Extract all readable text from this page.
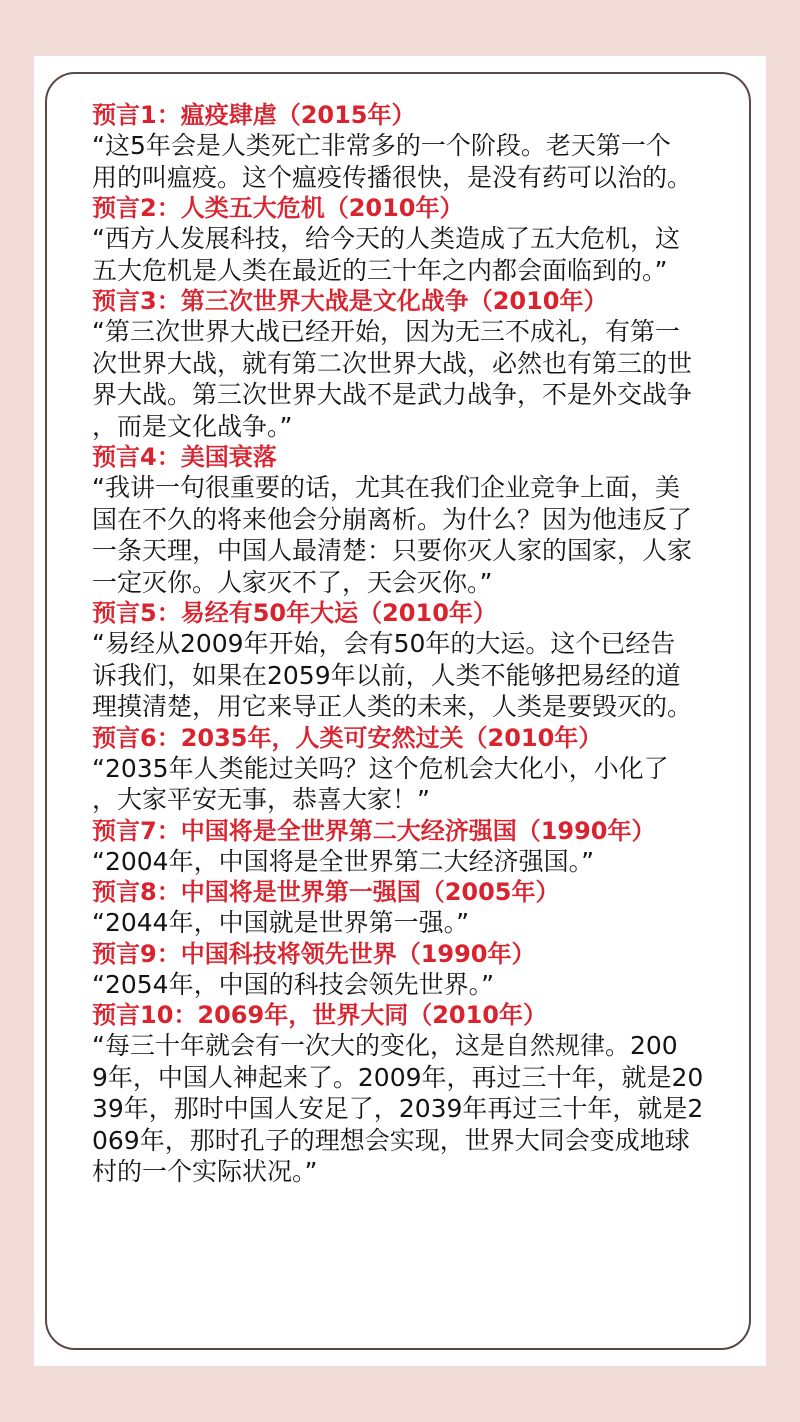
预言1：瘟疫肆虐（2015年）

“这5年会是人类死亡非常多的一个阶段。老天第一个
用的叫瘟疫。这个瘟疫传播很快，是没有药可以治的。

预言2：人类五大危机（2010年）

“西方人发展科技，给今天的人类造成了五大危机，这
五大危机是人类在最近的三十年之内都会面临到的。”

预言3：第三次世界大战是文化战争（2010年）

“第三次世界大战已经开始，因为无三不成礼，有第一
次世界大战，就有第二次世界大战，必然也有第三的世
界大战。第三次世界大战不是武力战争，不是外交战争
，而是文化战争。”

预言4：美国衰落

“我讲一句很重要的话，尤其在我们企业竞争上面，美
国在不久的将来他会分崩离析。为什么？因为他违反了
一条天理，中国人最清楚：只要你灭人家的国家，人家
一定灭你。人家灭不了，天会灭你。”

预言5：易经有50年大运（2010年）

“易经从2009年开始，会有50年的大运。这个已经告
诉我们，如果在2059年以前，人类不能够把易经的道
理摸清楚，用它来导正人类的未来，人类是要毁灭的。

预言6：2035年，人类可安然过关（2010年）

“2035年人类能过关吗？这个危机会大化小，小化了
，大家平安无事，恭喜大家！”

预言7：中国将是全世界第二大经济强国（1990年）

“2004年，中国将是全世界第二大经济强国。”

预言8：中国将是世界第一强国（2005年）

“2044年，中国就是世界第一强。”

预言9：中国科技将领先世界（1990年）

“2054年，中国的科技会领先世界。”

预言10：2069年，世界大同（2010年）

“每三十年就会有一次大的变化，这是自然规律。200
9年，中国人神起来了。2009年，再过三十年，就是20
39年，那时中国人安足了，2039年再过三十年，就是2
069年，那时孔子的理想会实现，世界大同会变成地球
村的一个实际状况。”
